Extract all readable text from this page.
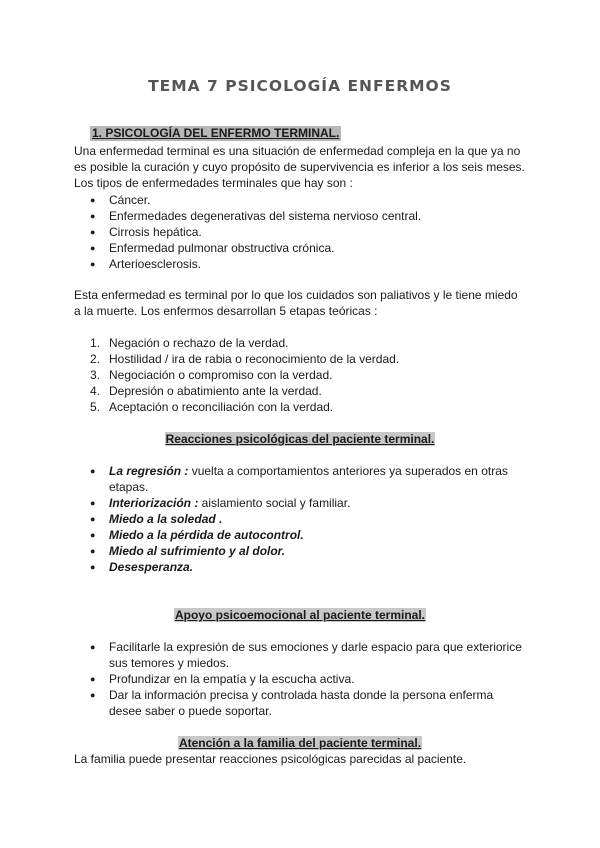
TEMA 7 PSICOLOGÍA ENFERMOS
1. PSICOLOGÍA DEL ENFERMO TERMINAL.
Una enfermedad terminal es una situación de enfermedad compleja en la que ya no
es posible la curación y cuyo propósito de supervivencia es inferior a los seis meses.
Los tipos de enfermedades terminales que hay son :
● Cáncer.
● Enfermedades degenerativas del sistema nervioso central.
● Cirrosis hepática.
● Enfermedad pulmonar obstructiva crónica.
● Arterioesclerosis.
Esta enfermedad es terminal por lo que los cuidados son paliativos y le tiene miedo
a la muerte. Los enfermos desarrollan 5 etapas teóricas :
1. Negación o rechazo de la verdad.
2. Hostilidad / ira de rabia o reconocimiento de la verdad.
3. Negociación o compromiso con la verdad.
4. Depresión o abatimiento ante la verdad.
5. Aceptación o reconciliación con la verdad.
Reacciones psicológicas del paciente terminal.
● La regresión : vuelta a comportamientos anteriores ya superados en otras
etapas.
● Interiorización : aislamiento social y familiar.
● Miedo a la soledad .
● Miedo a la pérdida de autocontrol.
● Miedo al sufrimiento y al dolor.
● Desesperanza.
Apoyo psicoemocional al paciente terminal.
● Facilitarle la expresión de sus emociones y darle espacio para que exteriorice
sus temores y miedos.
● Profundizar en la empatía y la escucha activa.
● Dar la información precisa y controlada hasta donde la persona enferma
desee saber o puede soportar.
Atención a la familia del paciente terminal.
La familia puede presentar reacciones psicológicas parecidas al paciente.
